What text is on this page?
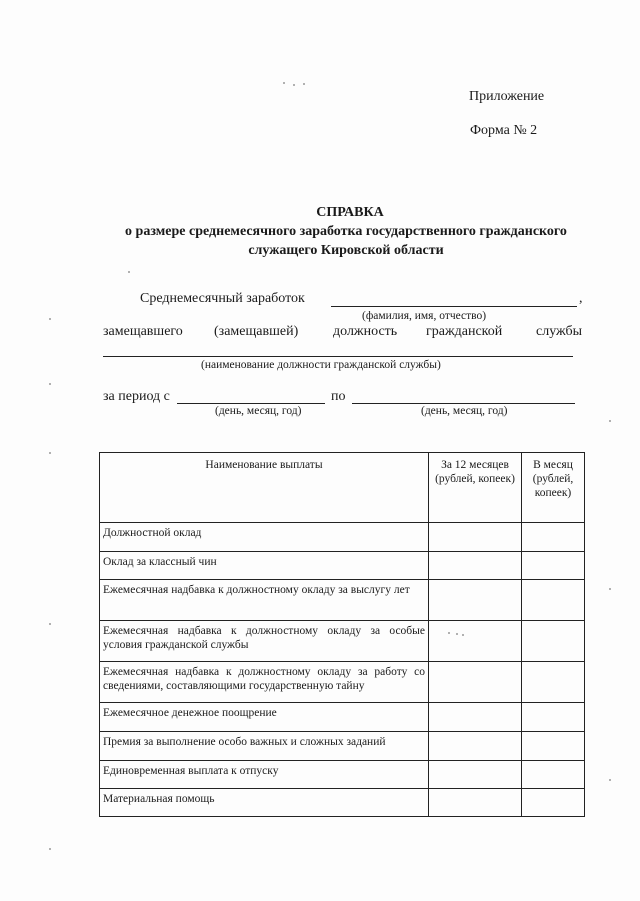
Приложение
Форма № 2
СПРАВКА
о размере среднемесячного заработка государственного гражданского
служащего Кировской области
Среднемесячный заработок	,
(фамилия, имя, отчество)
замещавшего (замещавшей) должность гражданской службы
(наименование должности гражданской службы)
за период с	по
(день, месяц, год)	(день, месяц, год)
Наименование выплаты	За 12 месяцев (рублей, копеек)	В месяц (рублей, копеек)
Должностной оклад		
Оклад за классный чин		
Ежемесячная надбавка к должностному окладу за выслугу лет		
Ежемесячная надбавка к должностному окладу за особые условия гражданской службы		
Ежемесячная надбавка к должностному окладу за работу со сведениями, составляющими государственную тайну		
Ежемесячное денежное поощрение		
Премия за выполнение особо важных и сложных заданий		
Единовременная выплата к отпуску		
Материальная помощь		
